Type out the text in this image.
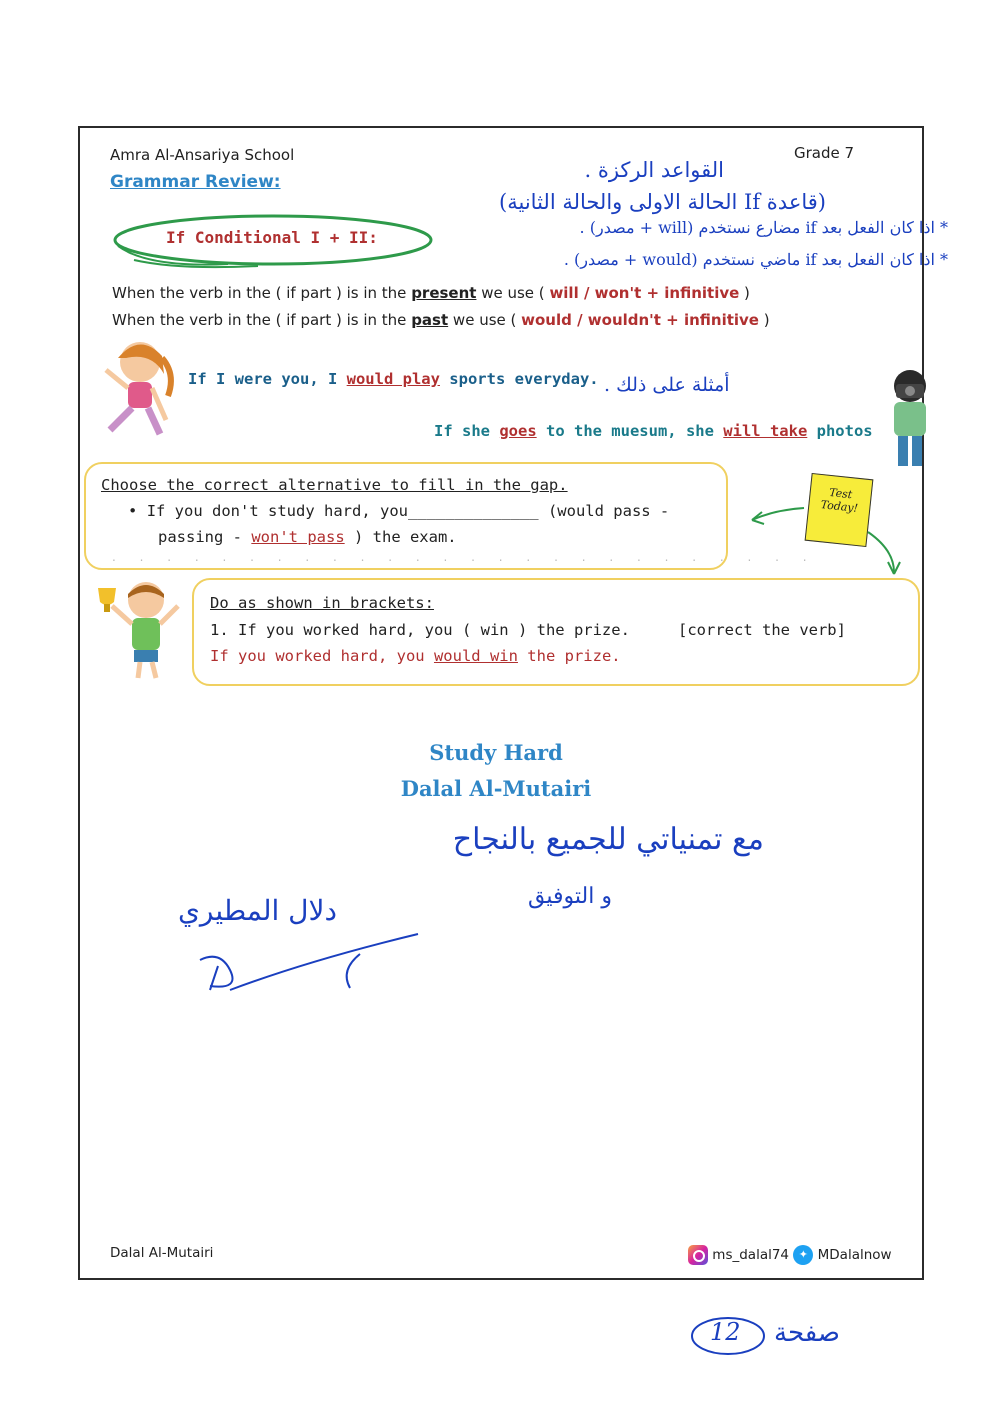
Amra Al-Ansariya School	Grade 7
Grammar Review:
If Conditional I + II:
القواعد الركزة .
(قاعدة If الحالة الاولى والحالة الثانية)
* اذا كان الفعل بعد if مضارع نستخدم (will + مصدر) .
* اذا كان الفعل بعد if ماضي نستخدم (would + مصدر) .
When the verb in the ( if part ) is in the present we use ( will / won't + infinitive )
When the verb in the ( if part ) is in the past we use ( would / wouldn't + infinitive )
If I were you, I would play sports everyday. أمثلة على ذلك .
If she goes to the muesum, she will take photos
Choose the correct alternative to fill in the gap.
• If you don't study hard, you______________ (would pass -
passing - won't pass ) the exam.
. . . . . . . . . . . . . . . . . . . . . . . . . .
Test Today!
Do as shown in brackets:
1. If you worked hard, you ( win ) the prize.	[correct the verb]
If you worked hard, you would win the prize.
Study Hard
Dalal Al-Mutairi
مع تمنياتي للجميع بالنجاح
و التوفيق
دلال المطيري
Dalal Al-Mutairi	ms_dalal74 ✦ MDalalnow
12 صفحة
